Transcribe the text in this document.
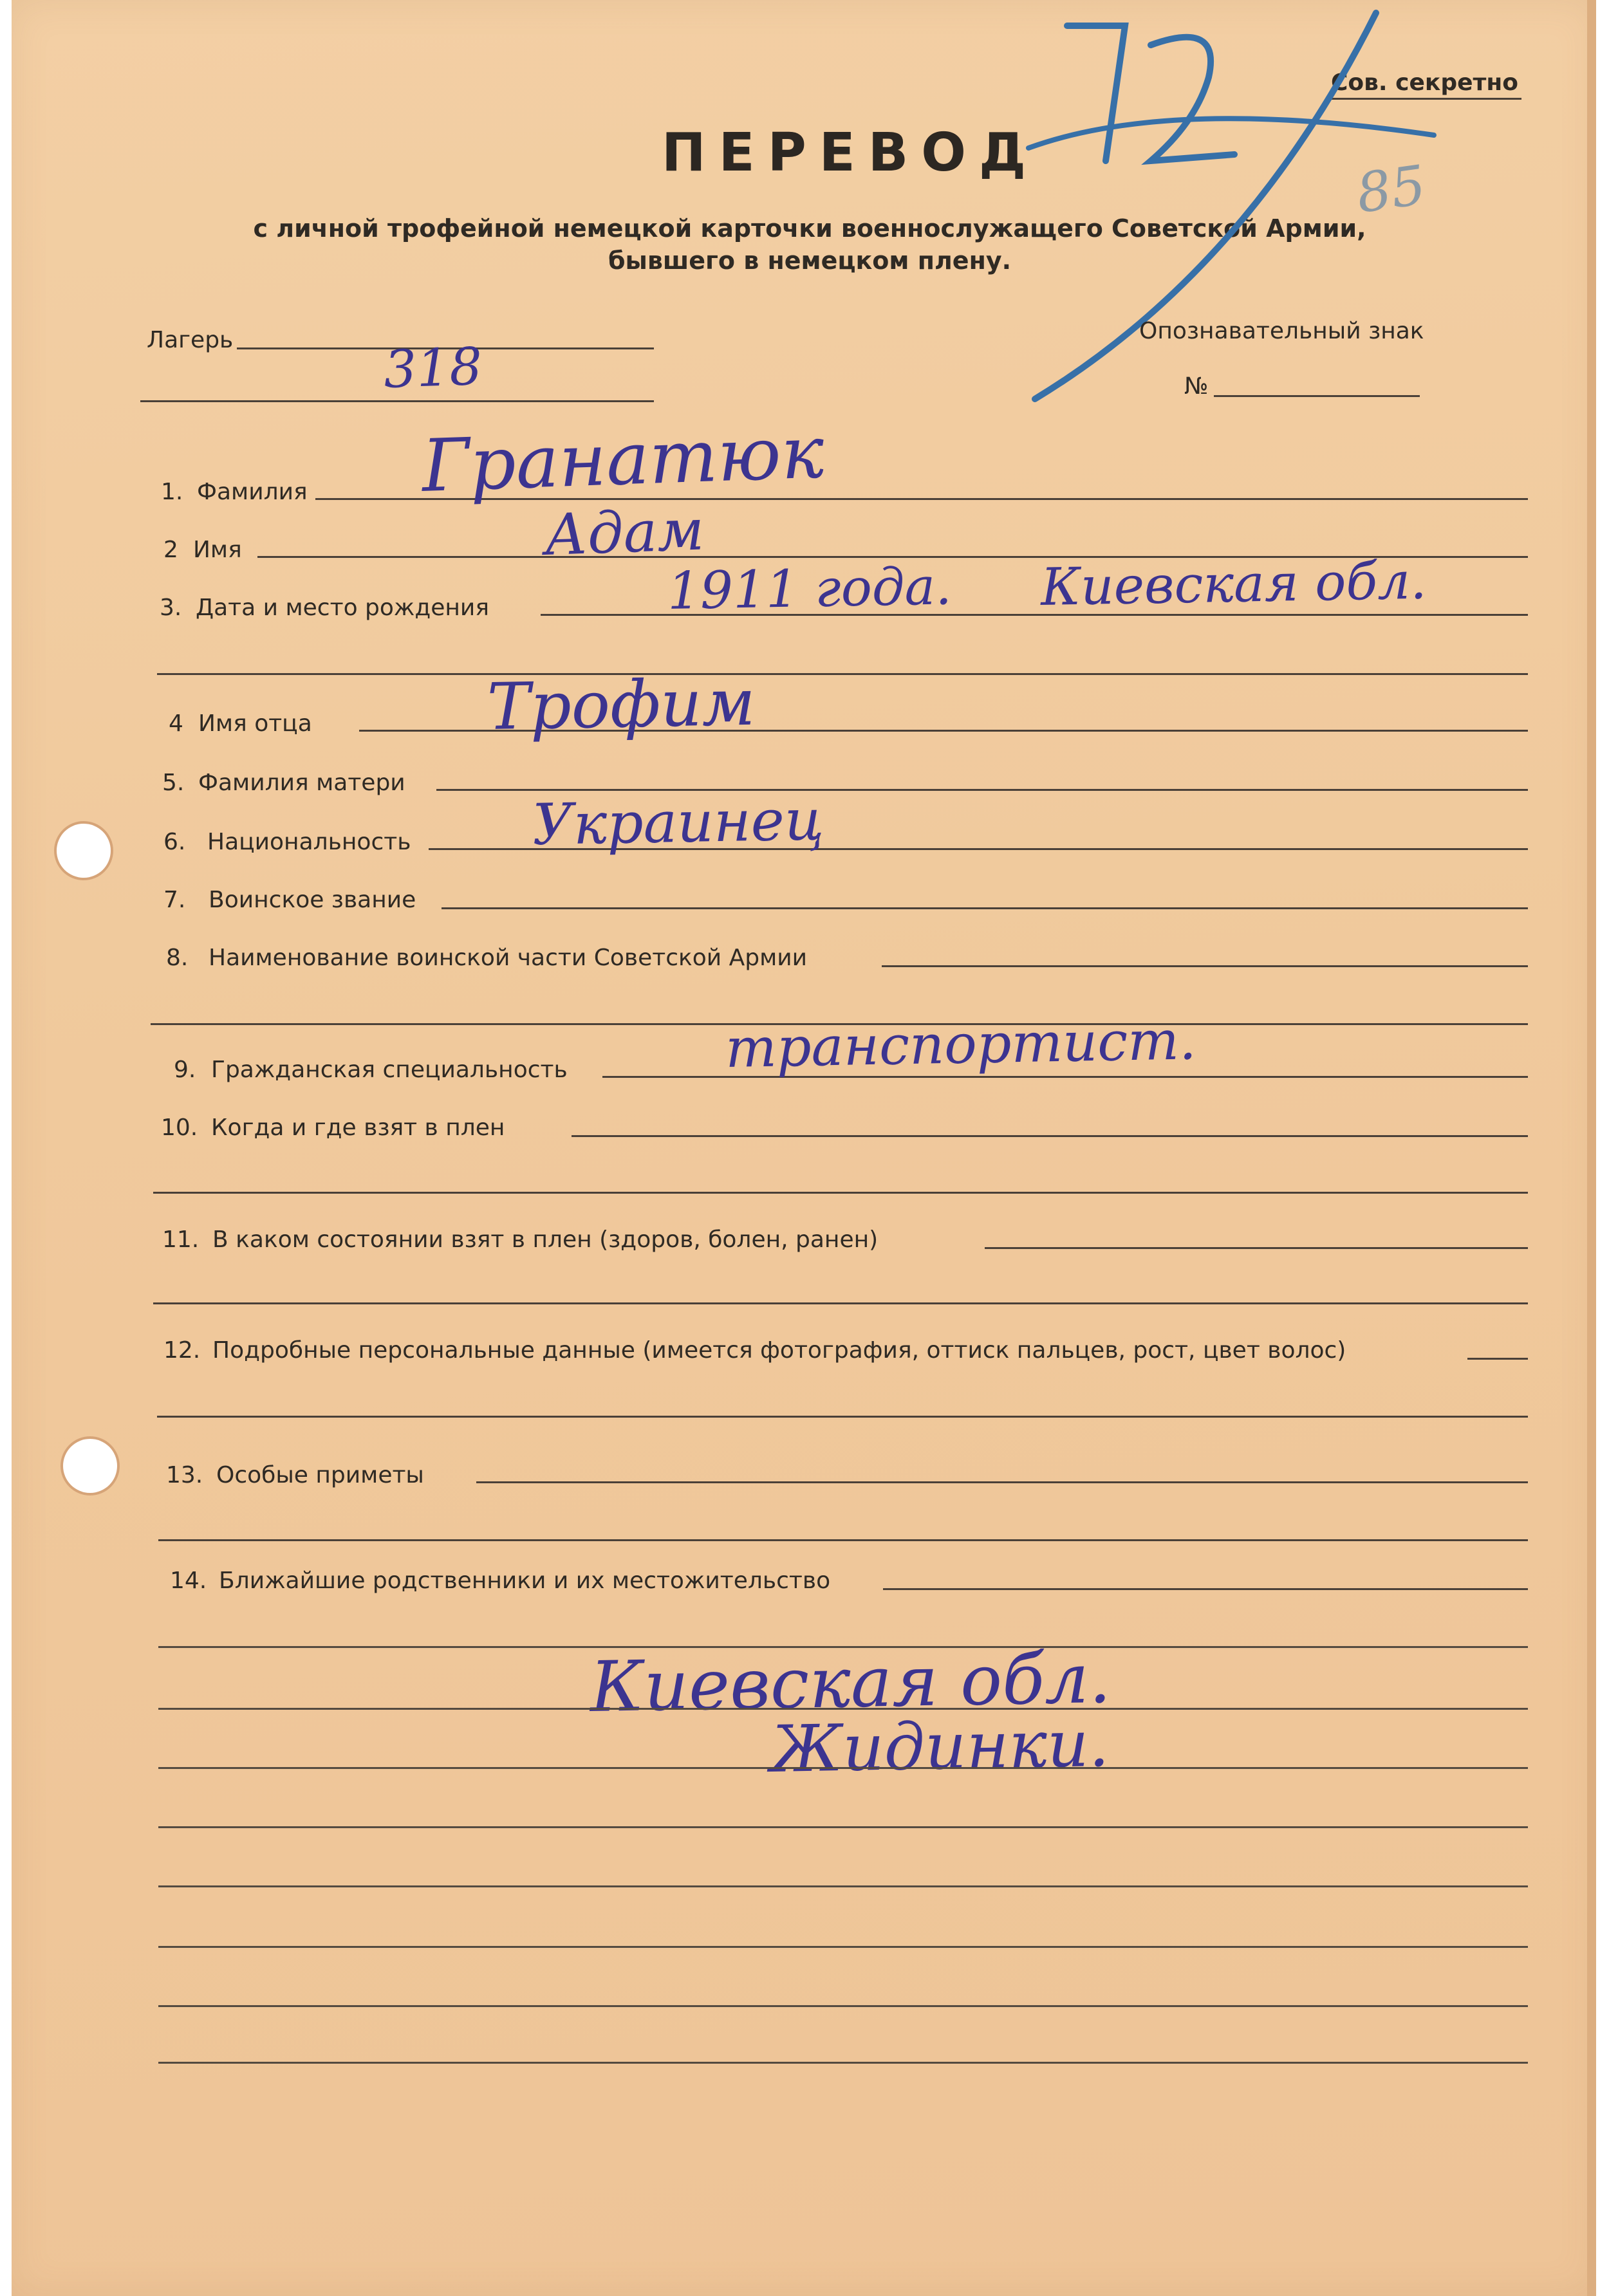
Сов. секретно
ПЕРЕВОД
с личной трофейной немецкой карточки военнослужащего Советской Армии,
бывшего в немецком плену.
85
Лагерь	318
Опознавательный знак
№
1. Фамилия Гранатюк
2 Имя	Адам
3. Дата и место рождения	1911 года. Киевская обл.
4 Имя отца	Трофим
5. Фамилия матери
6. Национальность Украинец
7. Воинское звание
8. Наименование воинской части Советской Армии
9. Гражданская специальность	транспортист.
10. Когда и где взят в плен
11. В каком состоянии взят в плен (здоров, болен, ранен)
12. Подробные персональные данные (имеется фотография, оттиск пальцев, рост, цвет волос)
13. Особые приметы
14. Ближайшие родственники и их местожительство
Киевская обл.
Жидинки.
